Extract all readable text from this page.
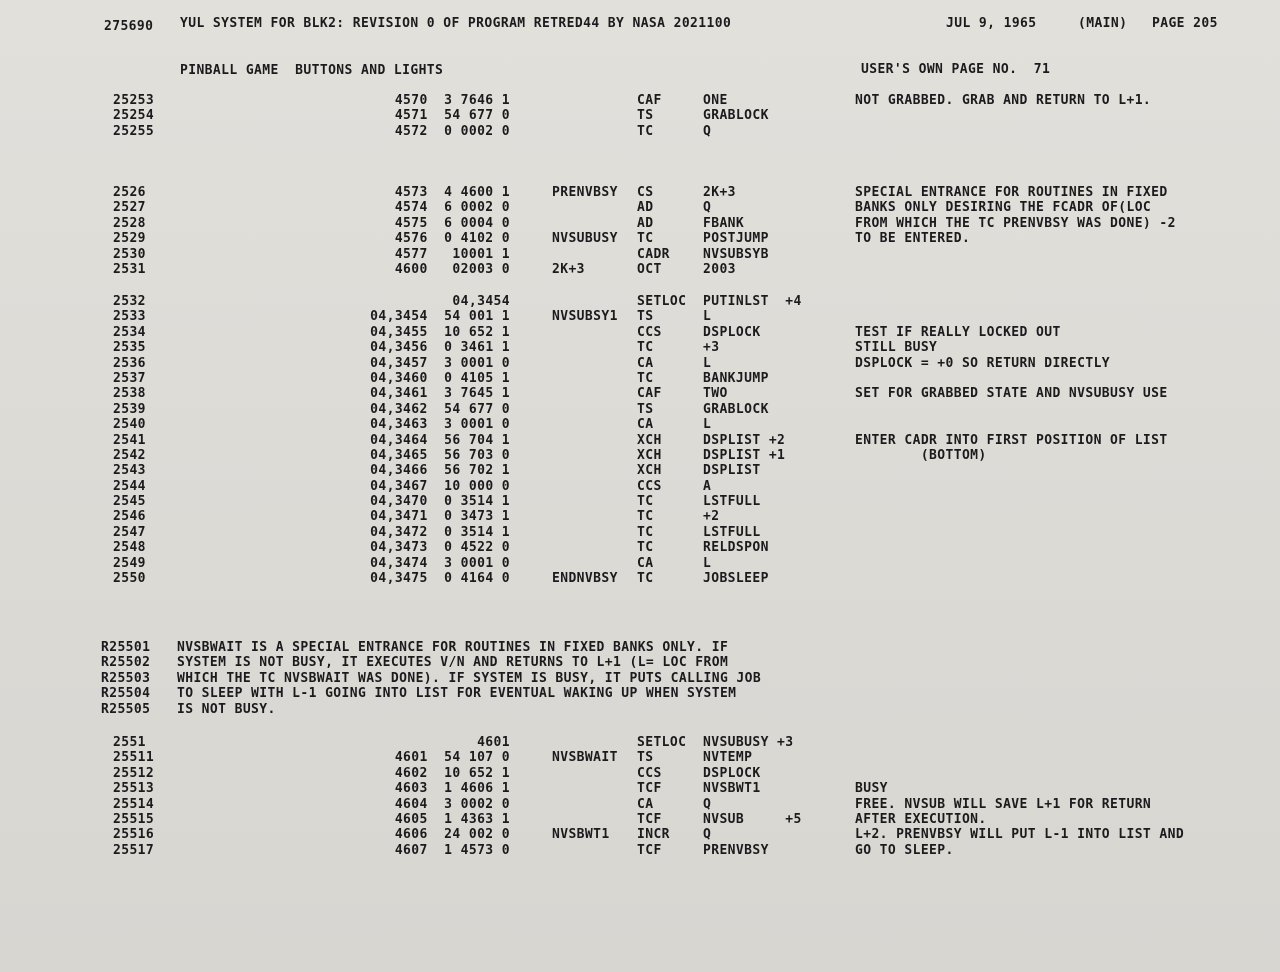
275690 YUL SYSTEM FOR BLK2: REVISION 0 OF PROGRAM RETRED44 BY NASA 2021100	JUL 9, 1965	(MAIN) PAGE 205
PINBALL GAME  BUTTONS AND LIGHTS	USER'S OWN PAGE NO.  71
25253	4570  3 7646 1	CAF	ONE	NOT GRABBED. GRAB AND RETURN TO L+1.
25254	4571  54 677 0	TS	GRABLOCK
25255	4572  0 0002 0	TC	Q
2526	4573  4 4600 1	PRENVBSY CS	2K+3	SPECIAL ENTRANCE FOR ROUTINES IN FIXED
2527	4574  6 0002 0	AD	Q	BANKS ONLY DESIRING THE FCADR OF(LOC
2528	4575  6 0004 0	AD	FBANK	FROM WHICH THE TC PRENVBSY WAS DONE) -2
2529	4576  0 4102 0	NVSUBUSY TC	POSTJUMP	TO BE ENTERED.
2530	4577   10001 1	CADR	NVSUBSYB
2531	4600   02003 0	2K+3	OCT	2003
2532	04,3454	SETLOC PUTINLST  +4
2533	04,3454  54 001 1	NVSUBSY1 TS	L
2534	04,3455  10 652 1	CCS	DSPLOCK	TEST IF REALLY LOCKED OUT
2535	04,3456  0 3461 1	TC	+3	STILL BUSY
2536	04,3457  3 0001 0	CA	L	DSPLOCK = +0 SO RETURN DIRECTLY
2537	04,3460  0 4105 1	TC	BANKJUMP
2538	04,3461  3 7645 1	CAF	TWO	SET FOR GRABBED STATE AND NVSUBUSY USE
2539	04,3462  54 677 0	TS	GRABLOCK
2540	04,3463  3 0001 0	CA	L
2541	04,3464  56 704 1	XCH	DSPLIST +2	ENTER CADR INTO FIRST POSITION OF LIST
2542	04,3465  56 703 0	XCH	DSPLIST +1	(BOTTOM)
2543	04,3466  56 702 1	XCH	DSPLIST
2544	04,3467  10 000 0	CCS	A
2545	04,3470  0 3514 1	TC	LSTFULL
2546	04,3471  0 3473 1	TC	+2
2547	04,3472  0 3514 1	TC	LSTFULL
2548	04,3473  0 4522 0	TC	RELDSPON
2549	04,3474  3 0001 0	CA	L
2550	04,3475  0 4164 0	ENDNVBSY TC	JOBSLEEP
R25501 NVSBWAIT IS A SPECIAL ENTRANCE FOR ROUTINES IN FIXED BANKS ONLY. IF
R25502 SYSTEM IS NOT BUSY, IT EXECUTES V/N AND RETURNS TO L+1 (L= LOC FROM
R25503 WHICH THE TC NVSBWAIT WAS DONE). IF SYSTEM IS BUSY, IT PUTS CALLING JOB
R25504 TO SLEEP WITH L-1 GOING INTO LIST FOR EVENTUAL WAKING UP WHEN SYSTEM
R25505 IS NOT BUSY.
2551	4601	SETLOC NVSUBUSY +3
25511	4601  54 107 0	NVSBWAIT TS	NVTEMP
25512	4602  10 652 1	CCS	DSPLOCK
25513	4603  1 4606 1	TCF	NVSBWT1	BUSY
25514	4604  3 0002 0	CA	Q	FREE. NVSUB WILL SAVE L+1 FOR RETURN
25515	4605  1 4363 1	TCF	NVSUB     +5	AFTER EXECUTION.
25516	4606  24 002 0	NVSBWT1 INCR	Q	L+2. PRENVBSY WILL PUT L-1 INTO LIST AND
25517	4607  1 4573 0	TCF	PRENVBSY	GO TO SLEEP.
